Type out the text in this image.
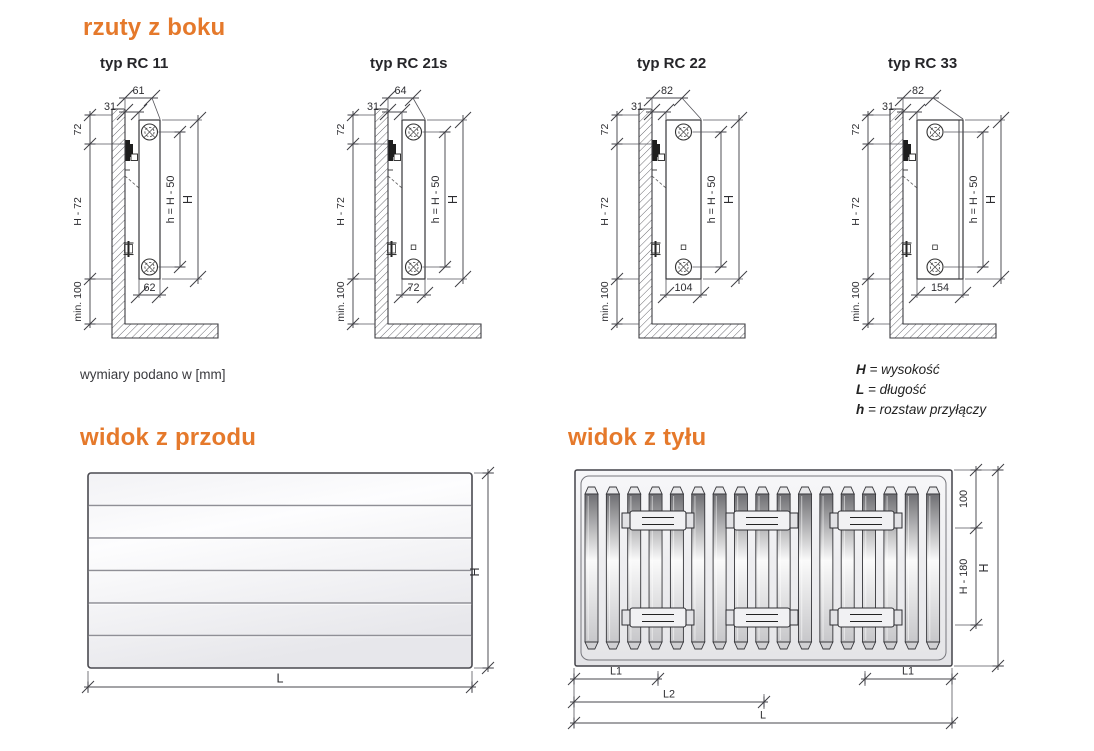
rzuty z boku
typ RC 11
61
31
62
h = H - 50 H
72
H - 72
min. 100
typ RC 21s
64
31
72
h = H - 50 H
72
H - 72
min. 100
typ RC 22
82
31
104
h = H - 50 H
72
H - 72
min. 100
typ RC 33
82
31
154
h = H - 50 H
72
H - 72
min. 100
wymiary podano w [mm]	H = wysokość
L = długość
h = rozstaw przyłączy
widok z przodu
H
L
widok z tyłu
100
H - 180 H
L1	L1
L2
L
